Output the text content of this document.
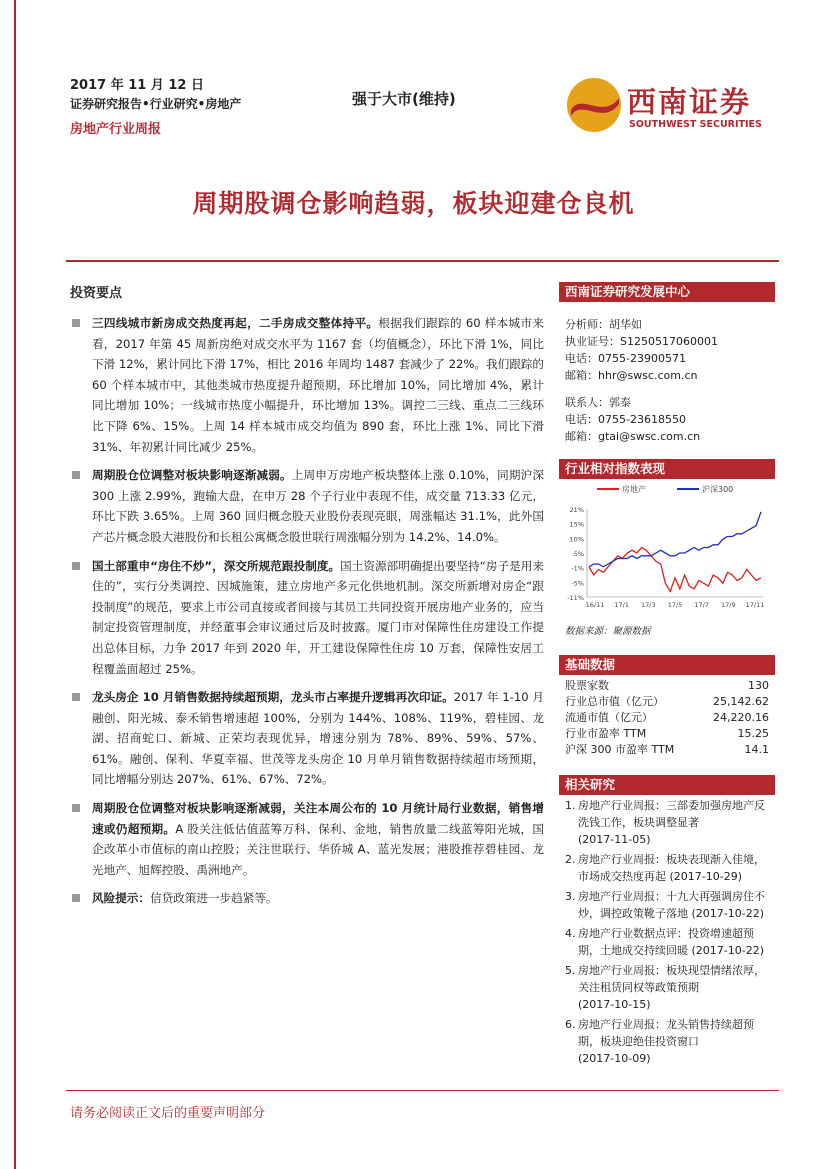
2017 年 11 月 12 日
证券研究报告•行业研究•房地产
房地产行业周报
强于大市(维持)	西南证券
SOUTHWEST SECURITIES
周期股调仓影响趋弱，板块迎建仓良机
投资要点
三四线城市新房成交热度再起，二手房成交整体持平。根据我们跟踪的 60 样本城市来看，2017 年第 45 周新房绝对成交水平为 1167 套（均值概念），环比下滑 1%，同比下滑 12%，累计同比下滑 17%，相比 2016 年周均 1487 套减少了 22%。我们跟踪的 60 个样本城市中，其他类城市热度提升超预期，环比增加 10%，同比增加 4%，累计同比增加 10%；一线城市热度小幅提升，环比增加 13%。调控二三线、重点二三线环比下降 6%、15%。上周 14 样本城市成交均值为 890 套，环比上涨 1%、同比下滑 31%、年初累计同比减少 25%。
周期股仓位调整对板块影响逐渐减弱。上周申万房地产板块整体上涨 0.10%，同期沪深 300 上涨 2.99%，跑输大盘，在申万 28 个子行业中表现不佳，成交量 713.33 亿元，环比下跌 3.65%。上周 360 回归概念股天业股份表现亮眼，周涨幅达 31.1%，此外国产芯片概念股大港股份和长租公寓概念股世联行周涨幅分别为 14.2%、14.0%。
国土部重申“房住不炒”，深交所规范跟投制度。国土资源部明确提出要坚持“房子是用来住的”，实行分类调控、因城施策，建立房地产多元化供地机制。深交所新增对房企“跟投制度”的规范，要求上市公司直接或者间接与其员工共同投资开展房地产业务的，应当制定投资管理制度，并经董事会审议通过后及时披露。厦门市对保障性住房建设工作提出总体目标，力争 2017 年到 2020 年，开工建设保障性住房 10 万套，保障性安居工程覆盖面超过 25%。
龙头房企 10 月销售数据持续超预期，龙头市占率提升逻辑再次印证。2017 年 1-10 月融创、阳光城、泰禾销售增速超 100%，分别为 144%、108%、119%，碧桂园、龙湖、招商蛇口、新城、正荣均表现优异，增速分别为 78%、89%、59%、57%、61%。融创、保利、华夏幸福、世茂等龙头房企 10 月单月销售数据持续超市场预期，同比增幅分别达 207%、61%、67%、72%。
周期股仓位调整对板块影响逐渐减弱，关注本周公布的 10 月统计局行业数据，销售增速或仍超预期。A 股关注低估值蓝筹万科、保利、金地，销售放量二线蓝筹阳光城，国企改革小市值标的南山控股；关注世联行、华侨城 A、蓝光发展；港股推荐碧桂园、龙光地产、旭辉控股、禹洲地产。
风险提示：信贷政策进一步趋紧等。
西南证券研究发展中心
分析师：胡华如
执业证号：S1250517060001
电话：0755-23900571
邮箱：hhr@swsc.com.cn
联系人：郭泰
电话：0755-23618550
邮箱：gtai@swsc.com.cn
行业相对指数表现
房地产	沪深300
21%
15%
10%
5%
-1%
-5%
-11%
16/11 17/1 17/3 17/5 17/7 17/9 17/11
数据来源：聚源数据
基础数据
股票家数	130
行业总市值（亿元）	25,142.62
流通市值（亿元）	24,220.16
行业市盈率 TTM	15.25
沪深 300 市盈率 TTM	14.1
相关研究
1. 房地产行业周报：三部委加强房地产反洗钱工作，板块调整显著
(2017-11-05)
2. 房地产行业周报：板块表现渐入佳境，市场成交热度再起 (2017-10-29)
3. 房地产行业周报：十九大再强调房住不炒，调控政策靴子落地 (2017-10-22)
4. 房地产行业数据点评：投资增速超预期，土地成交持续回暖 (2017-10-22)
5. 房地产行业周报：板块现望情绪浓厚，关注租赁同权等政策预期
(2017-10-15)
6. 房地产行业周报：龙头销售持续超预期，板块迎绝佳投资窗口
(2017-10-09)
请务必阅读正文后的重要声明部分
